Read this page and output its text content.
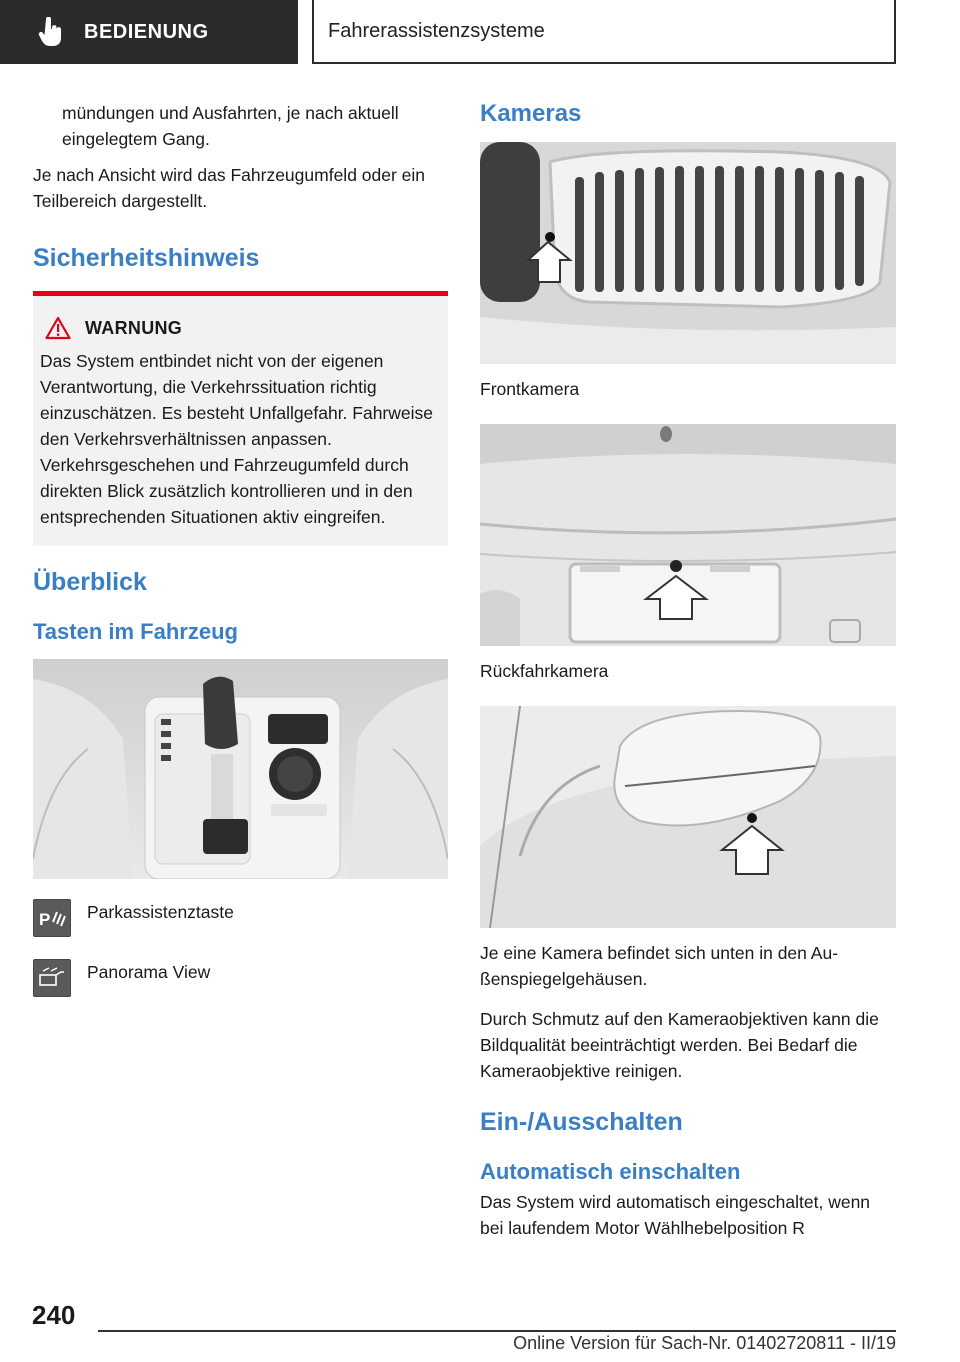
BEDIENUNG	Fahrerassistenzsysteme

mündungen und Ausfahrten, je nach aktuell eingelegtem Gang.

Je nach Ansicht wird das Fahrzeugumfeld oder ein Teilbereich dargestellt.

Sicherheitshinweis
WARNUNG

Das System entbindet nicht von der eigenen Verantwortung, die Verkehrssituation richtig einzuschätzen. Es besteht Unfallgefahr. Fahrweise den Verkehrsverhältnissen anpassen. Verkehrsgeschehen und Fahrzeugumfeld durch direkten Blick zusätzlich kontrollieren und in den entsprechenden Situationen aktiv eingreifen.

Überblick
Tasten im Fahrzeug
P Parkassistenztaste
Panorama View
Kameras

Frontkamera

Rückfahrkamera

Je eine Kamera befindet sich unten in den Außenspiegelgehäusen.

Durch Schmutz auf den Kameraobjektiven kann die Bildqualität beeinträchtigt werden. Bei Bedarf die Kameraobjektive reinigen.

Ein-/Ausschalten
Automatisch einschalten

Das System wird automatisch eingeschaltet, wenn bei laufendem Motor Wählhebelposition R

240
Online Version für Sach-Nr. 01402720811 - II/19
